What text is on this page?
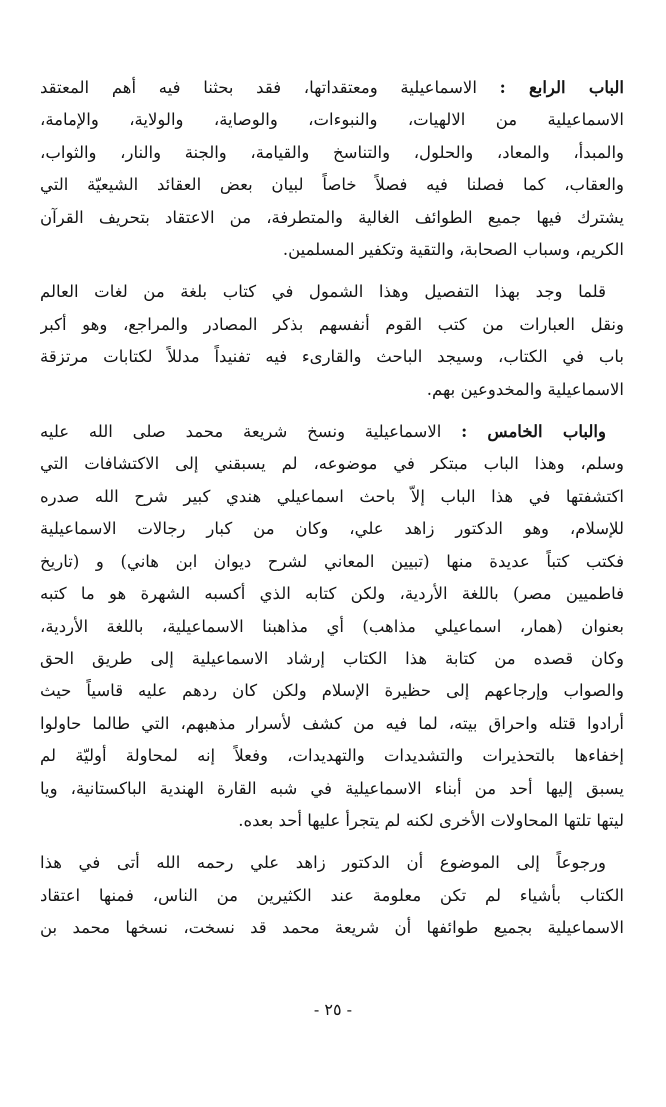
الباب الرابع : الاسماعيلية ومعتقداتها، فقد بحثنا فيه أهم المعتقد
الاسماعيلية من الالهيات، والنبوءات، والوصاية، والولاية، والإمامة،
والمبدأ، والمعاد، والحلول، والتناسخ والقيامة، والجنة والنار، والثواب،
والعقاب، كما فصلنا فيه فصلاً خاصاً لبيان بعض العقائد الشيعيّة التي
يشترك فيها جميع الطوائف الغالية والمتطرفة، من الاعتقاد بتحريف القرآن
الكريم، وسباب الصحابة، والتقية وتكفير المسلمين.

قلما وجد بهذا التفصيل وهذا الشمول في كتاب بلغة من لغات العالم
ونقل العبارات من كتب القوم أنفسهم بذكر المصادر والمراجع، وهو أكبر
باب في الكتاب، وسيجد الباحث والقارىء فيه تفنيداً مدللاً لكتابات مرتزقة
الاسماعيلية والمخدوعين بهم.

والباب الخامس : الاسماعيلية ونسخ شريعة محمد صلى الله عليه
وسلم، وهذا الباب مبتكر في موضوعه، لم يسبقني إلى الاكتشافات التي
اكتشفتها في هذا الباب إلاّ باحث اسماعيلي هندي كبير شرح الله صدره
للإسلام، وهو الدكتور زاهد علي، وكان من كبار رجالات الاسماعيلية
فكتب كتباً عديدة منها (تبيين المعاني لشرح ديوان ابن هاني) و (تاريخ
فاطميين مصر) باللغة الأردية، ولكن كتابه الذي أكسبه الشهرة هو ما كتبه
بعنوان (همار، اسماعيلي مذاهب) أي مذاهبنا الاسماعيلية، باللغة الأردية،
وكان قصده من كتابة هذا الكتاب إرشاد الاسماعيلية إلى طريق الحق
والصواب وإرجاعهم إلى حظيرة الإسلام ولكن كان ردهم عليه قاسياً حيث
أرادوا قتله واحراق بيته، لما فيه من كشف لأسرار مذهبهم، التي طالما حاولوا
إخفاءها بالتحذيرات والتشديدات والتهديدات، وفعلاً إنه لمحاولة أوليّة لم
يسبق إليها أحد من أبناء الاسماعيلية في شبه القارة الهندية الباكستانية، ويا
ليتها تلتها المحاولات الأخرى لكنه لم يتجرأ عليها أحد بعده.

ورجوعاً إلى الموضوع أن الدكتور زاهد علي رحمه الله أتى في هذا
الكتاب بأشياء لم تكن معلومة عند الكثيرين من الناس، فمنها اعتقاد
الاسماعيلية بجميع طوائفها أن شريعة محمد قد نسخت، نسخها محمد بن

- ٢٥ -
